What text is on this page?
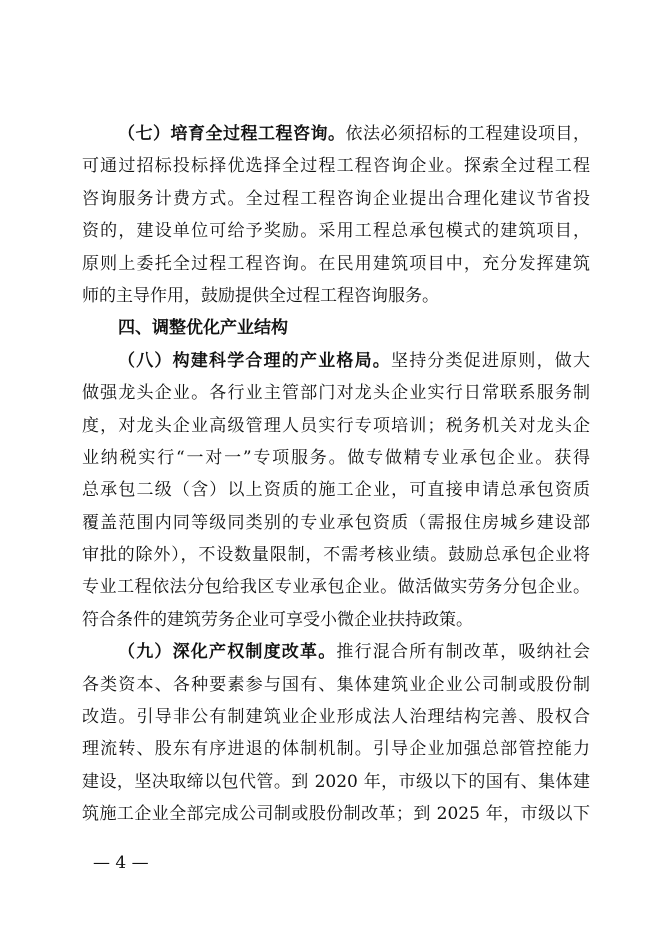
（七）培育全过程工程咨询。依法必须招标的工程建设项目，
可通过招标投标择优选择全过程工程咨询企业。探索全过程工程
咨询服务计费方式。全过程工程咨询企业提出合理化建议节省投
资的，建设单位可给予奖励。采用工程总承包模式的建筑项目，
原则上委托全过程工程咨询。在民用建筑项目中，充分发挥建筑
师的主导作用，鼓励提供全过程工程咨询服务。
四、调整优化产业结构
（八）构建科学合理的产业格局。坚持分类促进原则，做大
做强龙头企业。各行业主管部门对龙头企业实行日常联系服务制
度，对龙头企业高级管理人员实行专项培训；税务机关对龙头企
业纳税实行“一对一”专项服务。做专做精专业承包企业。获得
总承包二级（含）以上资质的施工企业，可直接申请总承包资质
覆盖范围内同等级同类别的专业承包资质（需报住房城乡建设部
审批的除外），不设数量限制，不需考核业绩。鼓励总承包企业将
专业工程依法分包给我区专业承包企业。做活做实劳务分包企业。
符合条件的建筑劳务企业可享受小微企业扶持政策。
（九）深化产权制度改革。推行混合所有制改革，吸纳社会
各类资本、各种要素参与国有、集体建筑业企业公司制或股份制
改造。引导非公有制建筑业企业形成法人治理结构完善、股权合
理流转、股东有序进退的体制机制。引导企业加强总部管控能力
建设，坚决取缔以包代管。到 2020 年，市级以下的国有、集体建
筑施工企业全部完成公司制或股份制改革；到 2025 年，市级以下
— 4 —
